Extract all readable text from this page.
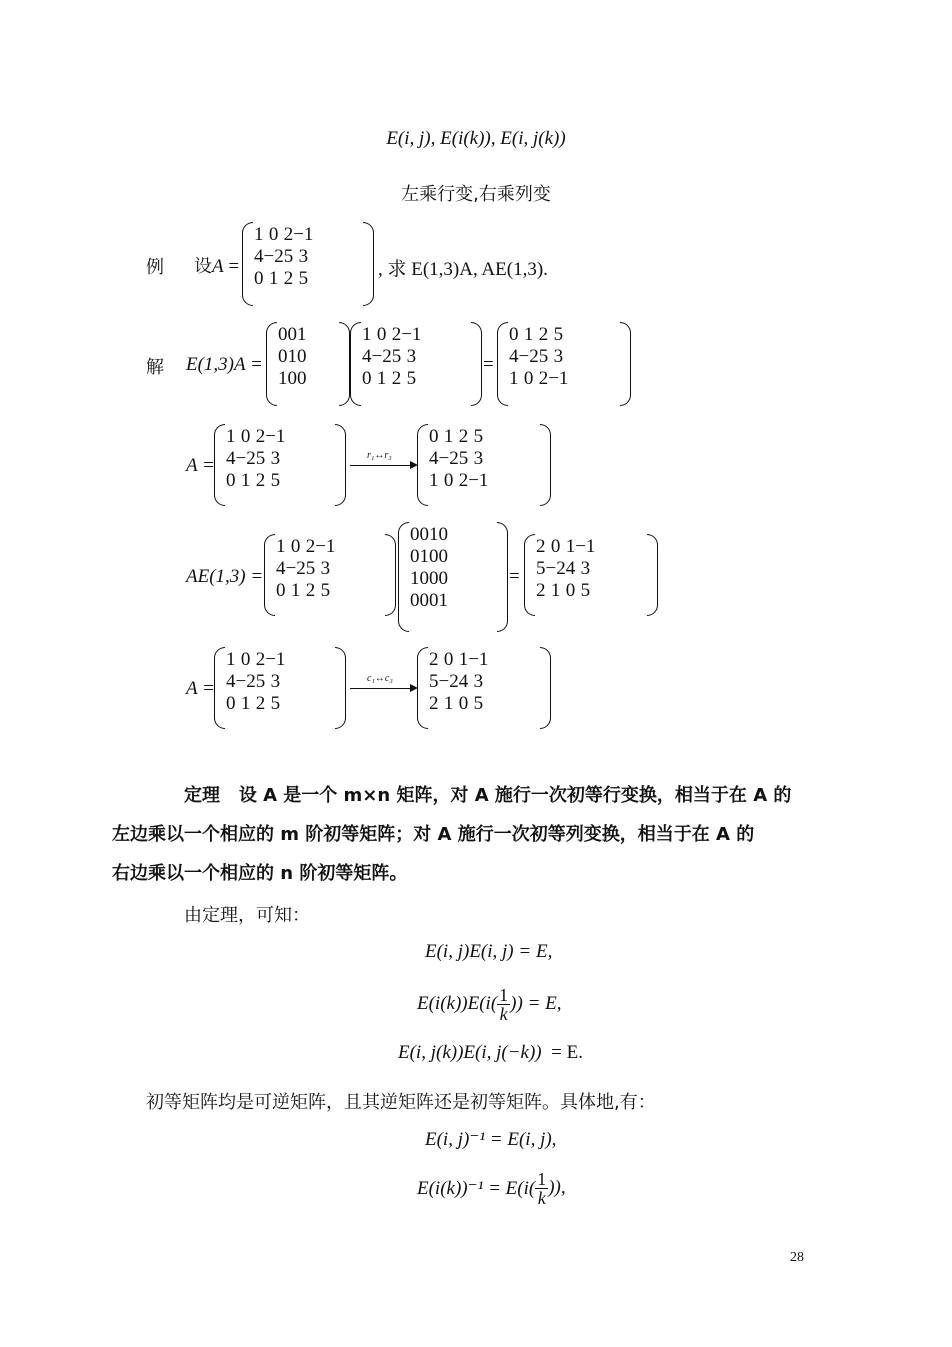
E(i, j), E(i(k)), E(i, j(k))
左乘行变,右乘列变
例 设A =
1	0	2	−1
4	−2	5	3
0	1	2	5	, 求 E(1,3)A, AE(1,3).
解 E(1,3)A =
0	0	1
0	1	0
1	0	0
1	0	2	−1
4	−2	5	3
0	1	2	5
=
0	1	2	5
4	−2	5	3
1	0	2	−1
A =
1	0	2	−1
4	−2	5	3
0	1	2	5
r₁↔r₃
0	1	2	5
4	−2	5	3
1	0	2	−1
AE(1,3) =
1	0	2	−1
4	−2	5	3
0	1	2	5
0	0	1	0
0	1	0	0
1	0	0	0
0	0	0	1
=
2	0	1	−1
5	−2	4	3
2	1	0	5
A =
1	0	2	−1
4	−2	5	3
0	1	2	5
c₁↔c₃
2	0	1	−1
5	−2	4	3
2	1	0	5
定理 设 A 是一个 m×n 矩阵，对 A 施行一次初等行变换，相当于在 A 的
左边乘以一个相应的 m 阶初等矩阵；对 A 施行一次初等列变换，相当于在 A 的
右边乘以一个相应的 n 阶初等矩阵。
由定理，可知：
E(i, j)E(i, j) = E,
$E(i(k))E(i( \frac{1}{k}$ )) = E,
E(i, j(k))E(i, j(−k)) = E.
初等矩阵均是可逆矩阵，且其逆矩阵还是初等矩阵。具体地,有：
E(i, j)⁻¹ = E(i, j),
$E(i(k))^{-1} = E(i( \frac{1}{k}$ )),
28
